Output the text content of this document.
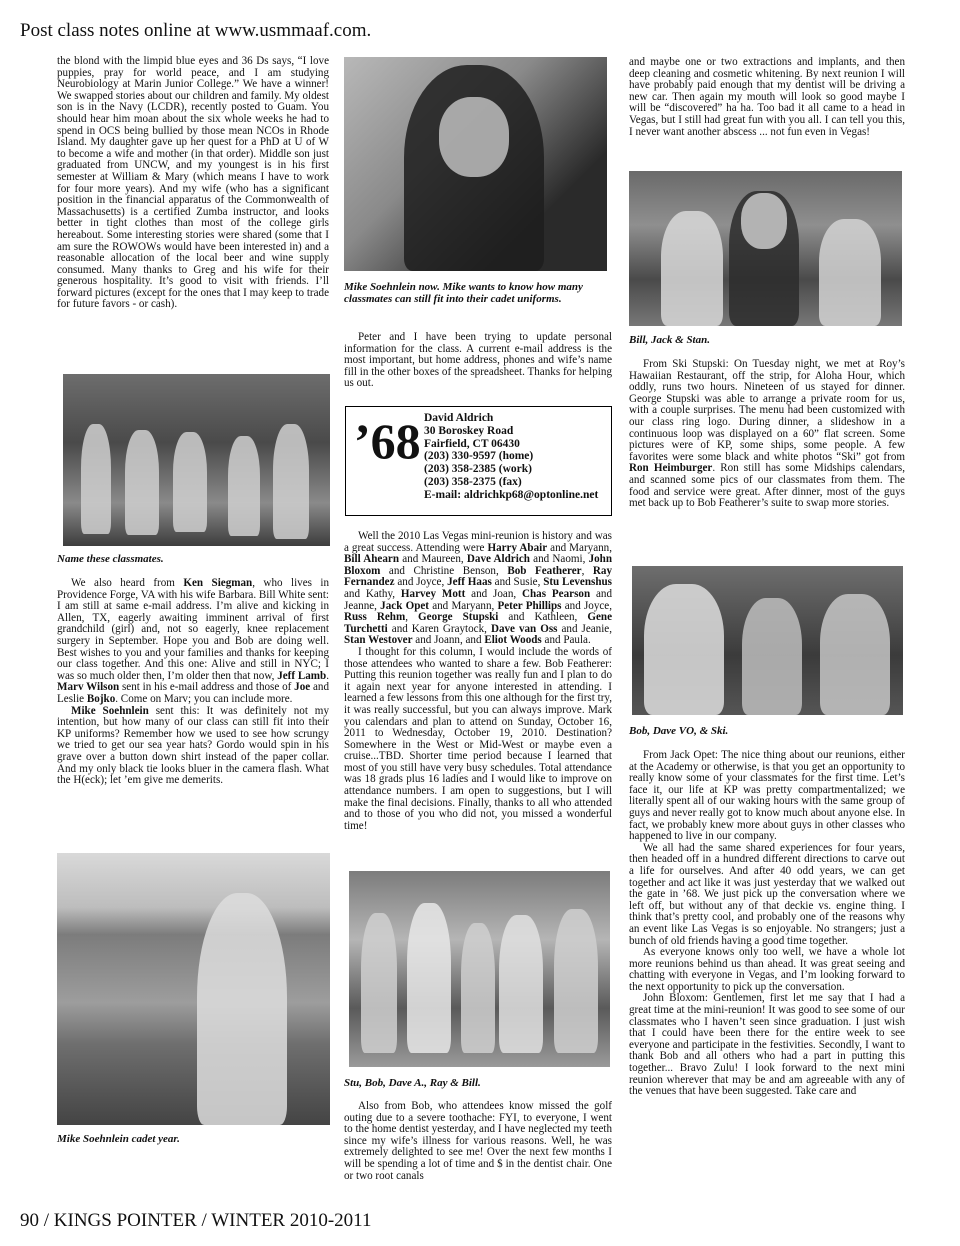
Post class notes online at www.usmmaaf.com.

the blond with the limpid blue eyes and 36 Ds says, “I love puppies, pray for world peace, and I am studying Neurobiology at Marin Junior College.” We have a winner! We swapped stories about our children and family. My oldest son is in the Navy (LCDR), recently posted to Guam. You should hear him moan about the six whole weeks he had to spend in OCS being bullied by those mean NCOs in Rhode Island. My daughter gave up her quest for a PhD at U of W to become a wife and mother (in that order). Middle son just graduated from UNCW, and my youngest is in his first semester at William & Mary (which means I have to work for four more years). And my wife (who has a significant position in the financial apparatus of the Commonwealth of Massachusetts) is a certified Zumba instructor, and looks better in tight clothes than most of the college girls hereabout. Some interesting stories were shared (some that I am sure the ROWOWs would have been interested in) and a reasonable allocation of the local beer and wine supply consumed. Many thanks to Greg and his wife for their generous hospitality. It’s good to visit with friends. I’ll forward pictures (except for the ones that I may keep to trade for future favors - or cash).

Name these classmates.

We also heard from Ken Siegman, who lives in Providence Forge, VA with his wife Barbara. Bill White sent: I am still at same e-mail address. I’m alive and kicking in Allen, TX, eagerly awaiting imminent arrival of first grandchild (girl) and, not so eagerly, knee replacement surgery in September. Hope you and Bob are doing well. Best wishes to you and your families and thanks for keeping our class together. And this one: Alive and still in NYC; I was so much older then, I’m older then that now, Jeff Lamb. Marv Wilson sent in his e-mail address and those of Joe and Leslie Bojko. Come on Marv; you can include more.

Mike Soehnlein sent this: It was definitely not my intention, but how many of our class can still fit into their KP uniforms? Remember how we used to see how scrungy we tried to get our sea year hats? Gordo would spin in his grave over a button down shirt instead of the paper collar. And my only black tie looks bluer in the camera flash. What the H(eck); let ’em give me demerits.

Mike Soehnlein cadet year.
Mike Soehnlein now. Mike wants to know how many classmates can still fit into their cadet uniforms.

Peter and I have been trying to update personal information for the class. A current e-mail address is the most important, but home address, phones and wife’s name fill in the other boxes of the spreadsheet. Thanks for helping us out.

’68 David Aldrich
30 Boroskey Road
Fairfield, CT 06430
(203) 330-9597 (home)
(203) 358-2385 (work)
(203) 358-2375 (fax)
E-mail: aldrichkp68@optonline.net

Well the 2010 Las Vegas mini-reunion is history and was a great success. Attending were Harry Abair and Maryann, Bill Ahearn and Maureen, Dave Aldrich and Naomi, John Bloxom and Christine Benson, Bob Featherer, Ray Fernandez and Joyce, Jeff Haas and Susie, Stu Levenshus and Kathy, Harvey Mott and Joan, Chas Pearson and Jeanne, Jack Opet and Maryann, Peter Phillips and Joyce, Russ Rehm, George Stupski and Kathleen, Gene Turchetti and Karen Graytock, Dave van Oss and Jeanie, Stan Westover and Joann, and Eliot Woods and Paula.

I thought for this column, I would include the words of those attendees who wanted to share a few. Bob Featherer: Putting this reunion together was really fun and I plan to do it again next year for anyone interested in attending. I learned a few lessons from this one although for the first try, it was really successful, but you can always improve. Mark you calendars and plan to attend on Sunday, October 16, 2011 to Wednesday, October 19, 2010. Destination? Somewhere in the West or Mid-West or maybe even a cruise...TBD. Shorter time period because I learned that most of you still have very busy schedules. Total attendance was 18 grads plus 16 ladies and I would like to improve on attendance numbers. I am open to suggestions, but I will make the final decisions. Finally, thanks to all who attended and to those of you who did not, you missed a wonderful time!

Stu, Bob, Dave A., Ray & Bill.

Also from Bob, who attendees know missed the golf outing due to a severe toothache: FYI, to everyone, I went to the home dentist yesterday, and I have neglected my teeth since my wife’s illness for various reasons. Well, he was extremely delighted to see me! Over the next few months I will be spending a lot of time and $ in the dentist chair. One or two root canals

and maybe one or two extractions and implants, and then deep cleaning and cosmetic whitening. By next reunion I will have probably paid enough that my dentist will be driving a new car. Then again my mouth will look so good maybe I will be “discovered” ha ha. Too bad it all came to a head in Vegas, but I still had great fun with you all. I can tell you this, I never want another abscess ... not fun even in Vegas!

Bill, Jack & Stan.

From Ski Stupski: On Tuesday night, we met at Roy’s Hawaiian Restaurant, off the strip, for Aloha Hour, which oddly, runs two hours. Nineteen of us stayed for dinner. George Stupski was able to arrange a private room for us, with a couple surprises. The menu had been customized with our class ring logo. During dinner, a slideshow in a continuous loop was displayed on a 60” flat screen. Some pictures were of KP, some ships, some people. A few favorites were some black and white photos “Ski” got from Ron Heimburger. Ron still has some Midships calendars, and scanned some pics of our classmates from them. The food and service were great. After dinner, most of the guys met back up to Bob Featherer’s suite to swap more stories.

Bob, Dave VO, & Ski.

From Jack Opet: The nice thing about our reunions, either at the Academy or otherwise, is that you get an opportunity to really know some of your classmates for the first time. Let’s face it, our life at KP was pretty compartmentalized; we literally spent all of our waking hours with the same group of guys and never really got to know much about anyone else. In fact, we probably knew more about guys in other classes who happened to live in our company.

We all had the same shared experiences for four years, then headed off in a hundred different directions to carve out a life for ourselves. And after 40 odd years, we can get together and act like it was just yesterday that we walked out the gate in ’68. We just pick up the conversation where we left off, but without any of that deckie vs. engine thing. I think that’s pretty cool, and probably one of the reasons why an event like Las Vegas is so enjoyable. No strangers; just a bunch of old friends having a good time together.

As everyone knows only too well, we have a whole lot more reunions behind us than ahead. It was great seeing and chatting with everyone in Vegas, and I’m looking forward to the next opportunity to pick up the conversation.

John Bloxom: Gentlemen, first let me say that I had a great time at the mini-reunion! It was good to see some of our classmates who I haven’t seen since graduation. I just wish that I could have been there for the entire week to see everyone and participate in the festivities. Secondly, I want to thank Bob and all others who had a part in putting this together... Bravo Zulu! I look forward to the next mini reunion wherever that may be and am agreeable with any of the venues that have been suggested. Take care and

90 / KINGS POINTER / WINTER 2010-2011
